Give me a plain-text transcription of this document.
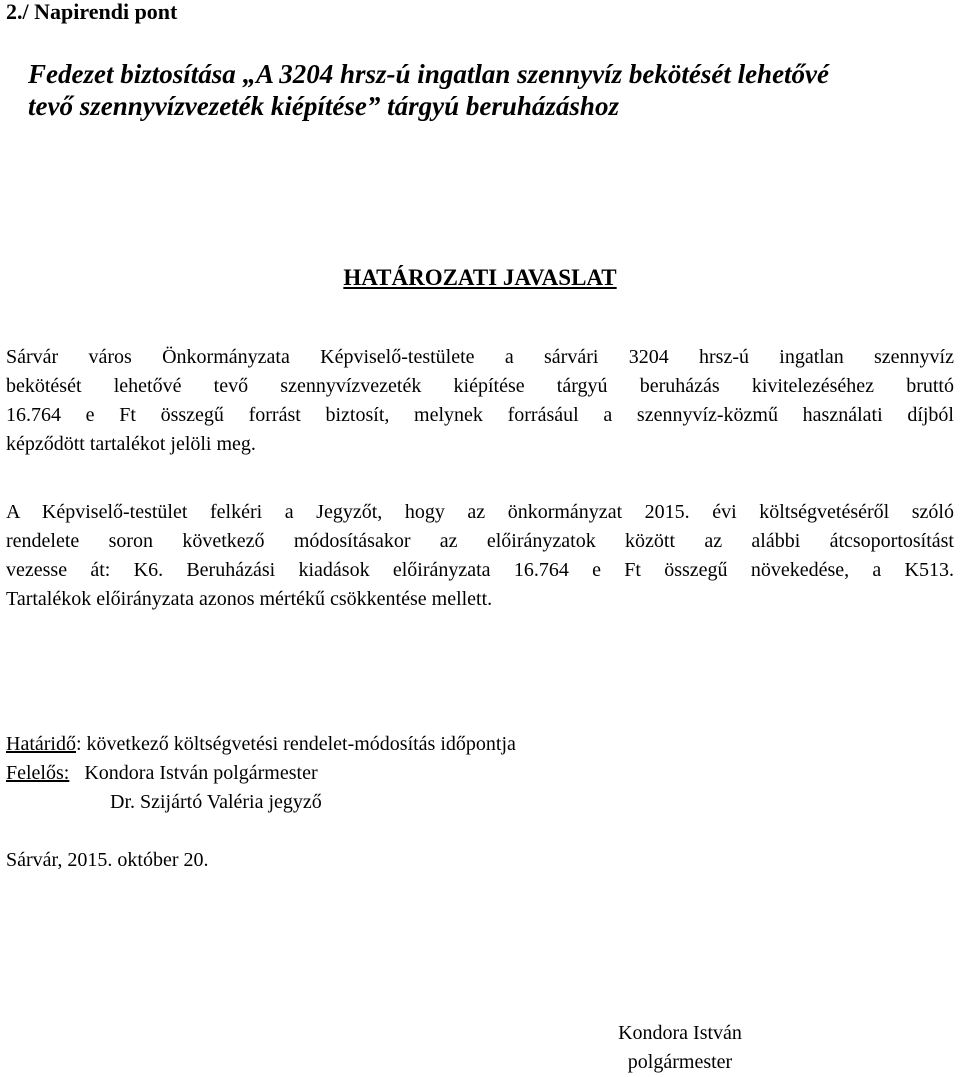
2./ Napirendi pont
Fedezet biztosítása „A 3204 hrsz-ú ingatlan szennyvíz bekötését lehetővé
tevő szennyvízvezeték kiépítése” tárgyú beruházáshoz
HATÁROZATI JAVASLAT
Sárvár város Önkormányzata Képviselő-testülete a sárvári 3204 hrsz-ú ingatlan szennyvíz
bekötését lehetővé tevő szennyvízvezeték kiépítése tárgyú beruházás kivitelezéséhez bruttó
16.764 e Ft összegű forrást biztosít, melynek forrásául a szennyvíz-közmű használati díjból
képződött tartalékot jelöli meg.
A Képviselő-testület felkéri a Jegyzőt, hogy az önkormányzat 2015. évi költségvetéséről szóló
rendelete soron következő módosításakor az előirányzatok között az alábbi átcsoportosítást
vezesse át: K6. Beruházási kiadások előirányzata 16.764 e Ft összegű növekedése, a K513.
Tartalékok előirányzata azonos mértékű csökkentése mellett.
Határidő: következő költségvetési rendelet-módosítás időpontja
Felelős: Kondora István polgármester
Dr. Szijártó Valéria jegyző
Sárvár, 2015. október 20.
Kondora István
polgármester
